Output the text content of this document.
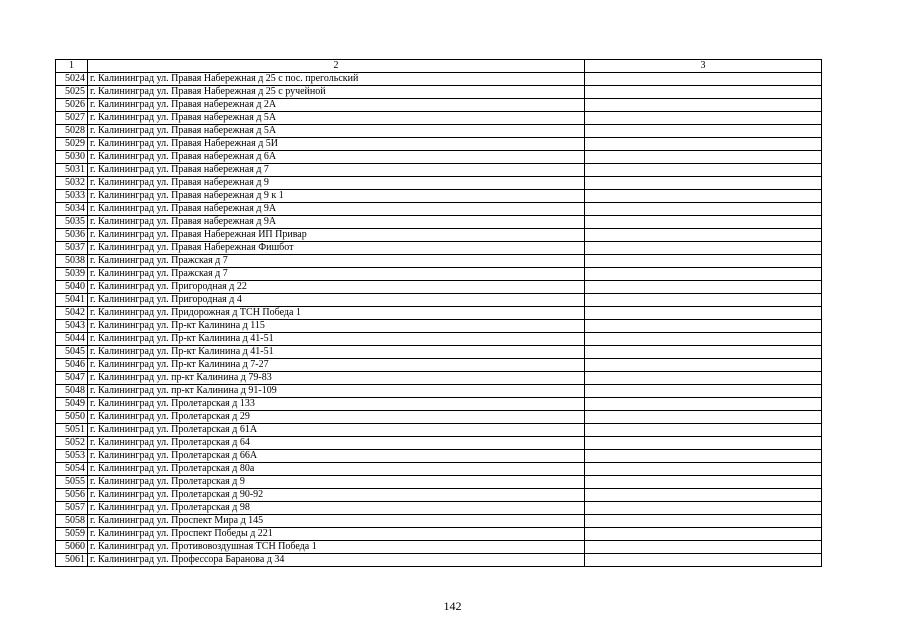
1	2	3
5024	г. Калининград ул. Правая Набережная д 25 с пос. прегольский	
5025	г. Калининград ул. Правая Набережная д 25 с ручейной	
5026	г. Калининград ул. Правая набережная д 2А	
5027	г. Калининград ул. Правая набережная д 5А	
5028	г. Калининград ул. Правая набережная д 5А	
5029	г. Калининград ул. Правая Набережная д 5И	
5030	г. Калининград ул. Правая набережная д 6А	
5031	г. Калининград ул. Правая набережная д 7	
5032	г. Калининград ул. Правая набережная д 9	
5033	г. Калининград ул. Правая набережная д 9 к 1	
5034	г. Калининград ул. Правая набережная д 9А	
5035	г. Калининград ул. Правая набережная д 9А	
5036	г. Калининград ул. Правая Набережная ИП Привар	
5037	г. Калининград ул. Правая Набережная Фишбот	
5038	г. Калининград ул. Пражская д 7	
5039	г. Калининград ул. Пражская д 7	
5040	г. Калининград ул. Пригородная д 22	
5041	г. Калининград ул. Пригородная д 4	
5042	г. Калининград ул. Придорожная д ТСН Победа 1	
5043	г. Калининград ул. Пр-кт Калинина д 115	
5044	г. Калининград ул. Пр-кт Калинина д 41-51	
5045	г. Калининград ул. Пр-кт Калинина д 41-51	
5046	г. Калининград ул. Пр-кт Калинина д 7-27	
5047	г. Калининград ул. пр-кт Калинина д 79-83	
5048	г. Калининград ул. пр-кт Калинина д 91-109	
5049	г. Калининград ул. Пролетарская д 133	
5050	г. Калининград ул. Пролетарская д 29	
5051	г. Калининград ул. Пролетарская д 61А	
5052	г. Калининград ул. Пролетарская д 64	
5053	г. Калининград ул. Пролетарская д 66А	
5054	г. Калининград ул. Пролетарская д 80а	
5055	г. Калининград ул. Пролетарская д 9	
5056	г. Калининград ул. Пролетарская д 90-92	
5057	г. Калининград ул. Пролетарская д 98	
5058	г. Калининград ул. Проспект Мира д 145	
5059	г. Калининград ул. Проспект Победы д 221	
5060	г. Калининград ул. Противовоздушная ТСН Победа 1	
5061	г. Калининград ул. Профессора Баранова д 34	
142
